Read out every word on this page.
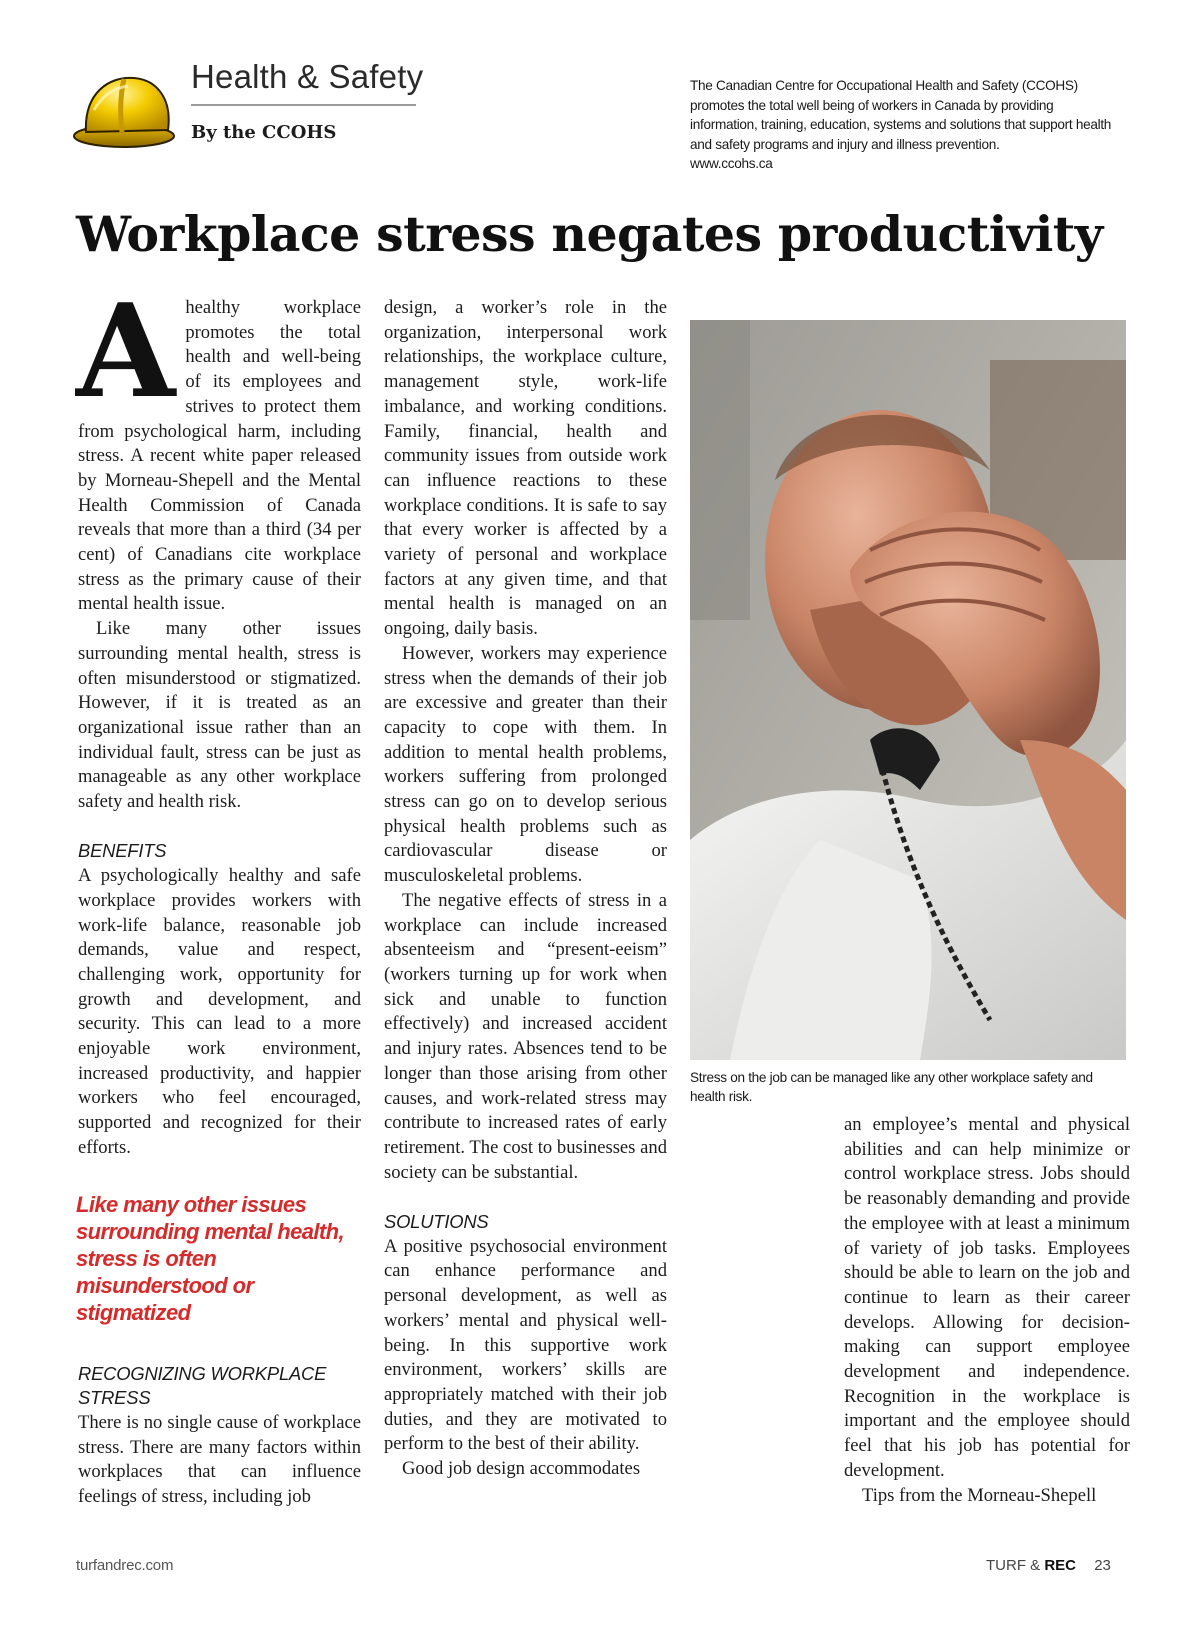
Health & Safety
By the CCOHS
The Canadian Centre for Occupational Health and Safety (CCOHS) promotes the total well being of workers in Canada by providing information, training, education, systems and solutions that support health and safety programs and injury and illness prevention.
www.ccohs.ca
Workplace stress negates productivity

Ahealthy workplace promotes the total health and well-being of its employees and strives to protect them from psychological harm, including stress. A recent white paper released by Morneau-Shepell and the Mental Health Commission of Canada reveals that more than a third (34 per cent) of Canadians cite workplace stress as the primary cause of their mental health issue.

Like many other issues surrounding mental health, stress is often misunderstood or stigmatized. However, if it is treated as an organizational issue rather than an individual fault, stress can be just as manageable as any other workplace safety and health risk.

BENEFITS

A psychologically healthy and safe workplace provides workers with work-life balance, reasonable job demands, value and respect, challenging work, opportunity for growth and development, and security. This can lead to a more enjoyable work environment, increased productivity, and happier workers who feel encouraged, supported and recognized for their efforts.

Like many other issues surrounding mental health, stress is often misunderstood or stigmatized
RECOGNIZING WORKPLACE STRESS

There is no single cause of workplace stress. There are many factors within workplaces that can influence feelings of stress, including job

design, a worker’s role in the organization, interpersonal work relationships, the workplace culture, management style, work-life imbalance, and working conditions. Family, financial, health and community issues from outside work can influence reactions to these workplace conditions. It is safe to say that every worker is affected by a variety of personal and workplace factors at any given time, and that mental health is managed on an ongoing, daily basis.

However, workers may experience stress when the demands of their job are excessive and greater than their capacity to cope with them. In addition to mental health problems, workers suffering from prolonged stress can go on to develop serious physical health problems such as cardiovascular disease or musculoskeletal problems.

The negative effects of stress in a workplace can include increased absenteeism and “present-eeism” (workers turning up for work when sick and unable to function effectively) and increased accident and injury rates. Absences tend to be longer than those arising from other causes, and work-related stress may contribute to increased rates of early retirement. The cost to businesses and society can be substantial.

SOLUTIONS

A positive psychosocial environment can enhance performance and personal development, as well as workers’ mental and physical well-being. In this supportive work environment, workers’ skills are appropriately matched with their job duties, and they are motivated to perform to the best of their ability.

Good job design accommodates

Stress on the job can be managed like any other workplace safety and health risk.

an employee’s mental and physical abilities and can help minimize or control workplace stress. Jobs should be reasonably demanding and provide the employee with at least a minimum of variety of job tasks. Employees should be able to learn on the job and continue to learn as their career develops. Allowing for decision-making can support employee development and independence. Recognition in the workplace is important and the employee should feel that his job has potential for development.

Tips from the Morneau-Shepell

turfandrec.com	TURF & REC 23
